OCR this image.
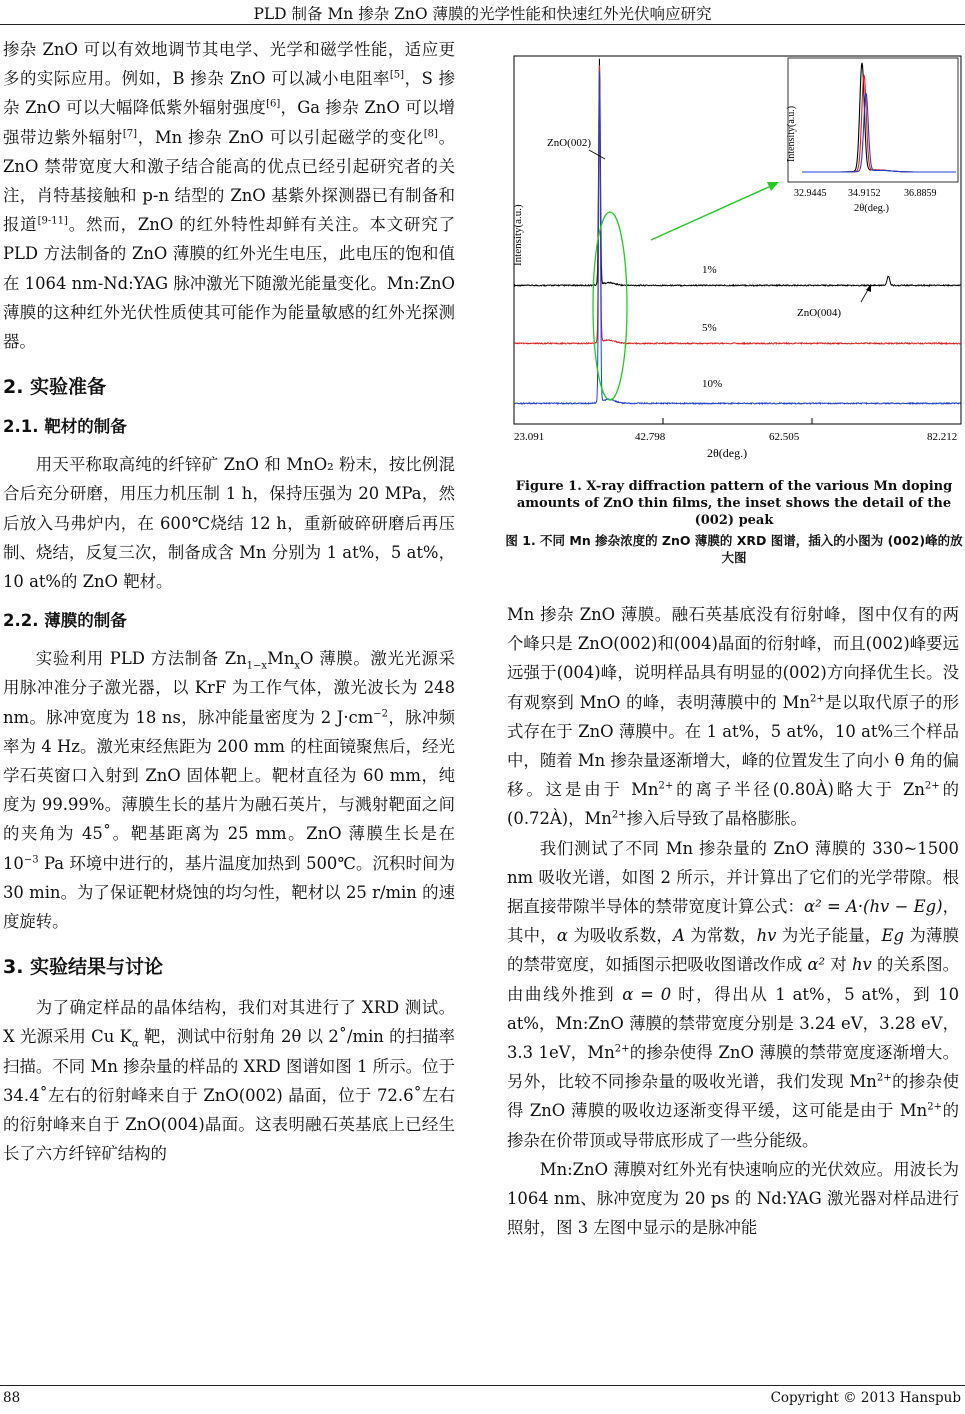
PLD 制备 Mn 掺杂 ZnO 薄膜的光学性能和快速红外光伏响应研究

掺杂 ZnO 可以有效地调节其电学、光学和磁学性能，适应更多的实际应用。例如，B 掺杂 ZnO 可以减小电阻率[5]，S 掺杂 ZnO 可以大幅降低紫外辐射强度[6]，Ga 掺杂 ZnO 可以增强带边紫外辐射[7]，Mn 掺杂 ZnO 可以引起磁学的变化[8]。ZnO 禁带宽度大和激子结合能高的优点已经引起研究者的关注，肖特基接触和 p-n 结型的 ZnO 基紫外探测器已有制备和报道[9-11]。然而，ZnO 的红外特性却鲜有关注。本文研究了 PLD 方法制备的 ZnO 薄膜的红外光生电压，此电压的饱和值在 1064 nm-Nd:YAG 脉冲激光下随激光能量变化。Mn:ZnO 薄膜的这种红外光伏性质使其可能作为能量敏感的红外光探测器。

2. 实验准备
2.1. 靶材的制备

用天平称取高纯的纤锌矿 ZnO 和 MnO₂ 粉末，按比例混合后充分研磨，用压力机压制 1 h，保持压强为 20 MPa，然后放入马弗炉内，在 600℃烧结 12 h，重新破碎研磨后再压制、烧结，反复三次，制备成含 Mn 分别为 1 at%，5 at%，10 at%的 ZnO 靶材。

2.2. 薄膜的制备

实验利用 PLD 方法制备 $Zn_{1-x}Mn_xO$ 薄膜。激光光源采用脉冲准分子激光器，以 KrF 为工作气体，激光波长为 248 nm。脉冲宽度为 18 ns，脉冲能量密度为 2 $J\cdot cm^{-2}$，脉冲频率为 4 Hz。激光束经焦距为 200 mm 的柱面镜聚焦后，经光学石英窗口入射到 ZnO 固体靶上。靶材直径为 60 mm，纯度为 99.99%。薄膜生长的基片为融石英片，与溅射靶面之间的夹角为 45˚。靶基距离为 25 mm。ZnO 薄膜生长是在 $10^{-3}$ Pa 环境中进行的，基片温度加热到 500℃。沉积时间为 30 min。为了保证靶材烧蚀的均匀性，靶材以 25 r/min 的速度旋转。

3. 实验结果与讨论

为了确定样品的晶体结构，我们对其进行了 XRD 测试。X 光源采用 Cu $K_\alpha$ 靶，测试中衍射角 2θ 以 2˚/min 的扫描率扫描。不同 Mn 掺杂量的样品的 XRD 图谱如图 1 所示。位于 34.4˚左右的衍射峰来自于 ZnO(002) 晶面，位于 72.6˚左右的衍射峰来自于 ZnO(004)晶面。这表明融石英基底上已经生长了六方纤锌矿结构的

23.091	42.798	62.505	82.212
2θ(deg.)
Intensity(a.u.)
ZnO(002)
ZnO(004)
1%
5%
10%
Intensity(a.u.)
32.9445 34.9152 36.8859
2θ(deg.)
Figure 1. X-ray diffraction pattern of the various Mn doping amounts of ZnO thin films, the inset shows the detail of the (002) peak
图 1. 不同 Mn 掺杂浓度的 ZnO 薄膜的 XRD 图谱，插入的小图为 (002)峰的放大图

Mn 掺杂 ZnO 薄膜。融石英基底没有衍射峰，图中仅有的两个峰只是 ZnO(002)和(004)晶面的衍射峰，而且(002)峰要远远强于(004)峰，说明样品具有明显的(002)方向择优生长。没有观察到 MnO 的峰，表明薄膜中的 $Mn^{2+}$是以取代原子的形式存在于 ZnO 薄膜中。在 1 at%，5 at%，10 at%三个样品中，随着 Mn 掺杂量逐渐增大，峰的位置发生了向小 θ 角的偏移。这是由于 $Mn^{2+}$的离子半径(0.80À)略大于 $Zn^{2+}$的(0.72À)，$Mn^{2+}$掺入后导致了晶格膨胀。

我们测试了不同 Mn 掺杂量的 ZnO 薄膜的 330~1500 nm 吸收光谱，如图 2 所示，并计算出了它们的光学带隙。根据直接带隙半导体的禁带宽度计算公式：α² = A·(hv − Eg)，其中，α 为吸收系数，A 为常数，hv 为光子能量，Eg 为薄膜的禁带宽度，如插图示把吸收图谱改作成 α² 对 hv 的关系图。由曲线外推到 α = 0 时，得出从 1 at%，5 at%，到 10 at%，Mn:ZnO 薄膜的禁带宽度分别是 3.24 eV，3.28 eV，3.3 1eV，$Mn^{2+}$的掺杂使得 ZnO 薄膜的禁带宽度逐渐增大。另外，比较不同掺杂量的吸收光谱，我们发现 $Mn^{2+}$的掺杂使得 ZnO 薄膜的吸收边逐渐变得平缓，这可能是由于 $Mn^{2+}$的掺杂在价带顶或导带底形成了一些分能级。

Mn:ZnO 薄膜对红外光有快速响应的光伏效应。用波长为 1064 nm、脉冲宽度为 20 ps 的 Nd:YAG 激光器对样品进行照射，图 3 左图中显示的是脉冲能

88	Copyright © 2013 Hanspub
